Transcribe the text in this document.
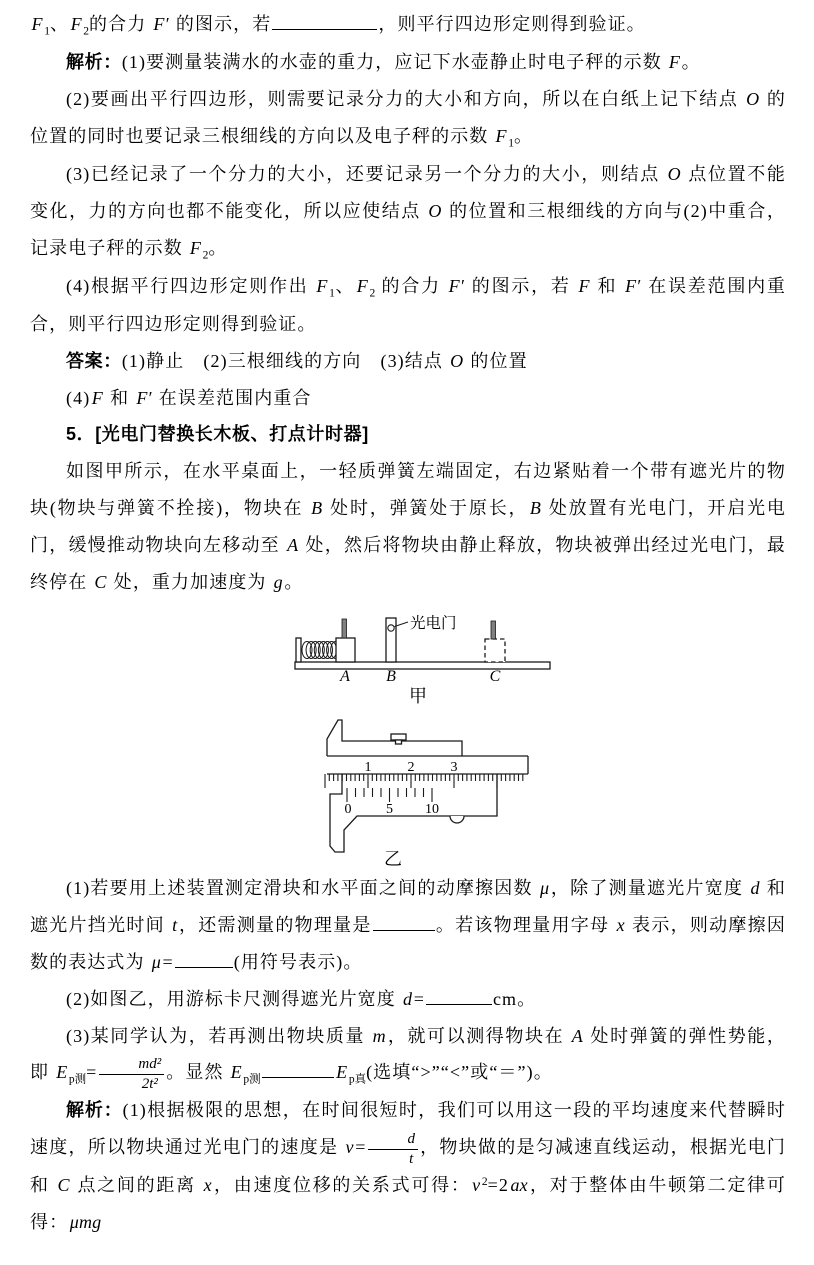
F $_1$、F $_2$的合力 F′ 的图示，若	，则平行四边形定则得到验证。

解析：(1)要测量装满水的水壶的重力，应记下水壶静止时电子秤的示数 F。

(2)要画出平行四边形，则需要记录分力的大小和方向，所以在白纸上记下结点 O 的位置的同时也要记录三根细线的方向以及电子秤的示数 F $_1$。

(3)已经记录了一个分力的大小，还要记录另一个分力的大小，则结点 O 点位置不能变化，力的方向也都不能变化，所以应使结点 O 的位置和三根细线的方向与(2)中重合，记录电子秤的示数 F $_2$。

(4)根据平行四边形定则作出 F $_1$、F $_2$ 的合力 F′ 的图示，若 F 和 F′ 在误差范围内重合，则平行四边形定则得到验证。

答案：(1)静止　(2)三根细线的方向　(3)结点 O 的位置

(4)F 和 F′ 在误差范围内重合

5．[光电门替换长木板、打点计时器]

如图甲所示，在水平桌面上，一轻质弹簧左端固定，右边紧贴着一个带有遮光片的物块(物块与弹簧不拴接)，物块在 B 处时，弹簧处于原长，B 处放置有光电门，开启光电门，缓慢推动物块向左移动至 A 处，然后将物块由静止释放，物块被弹出经过光电门，最终停在 C 处，重力加速度为 g。

光电门
A B	C
甲
1	2	3
0 5 10
乙

(1)若要用上述装置测定滑块和水平面之间的动摩擦因数 μ，除了测量遮光片宽度 d 和遮光片挡光时间 t，还需测量的物理量是	。若该物理量用字母 x 表示，则动摩擦因数的表达式为 μ=	(用符号表示)。

(2)如图乙，用游标卡尺测得遮光片宽度 d=	cm。

(3)某同学认为，若再测出物块质量 m，就可以测得物块在 A 处时弹簧的弹性势能，即 E $_{p测}= \frac{\text{md²}}{\text{2t²}}$ 。显然 E $_{p测}$	E $_{p真}$(选填“>”“<”或“＝”)。

解析：(1)根据极限的思想，在时间很短时，我们可以用这一段的平均速度来代替瞬时速度，所以物块通过光电门的速度是 $v= \frac{d}{t}$ ，物块做的是匀减速直线运动，根据光电门和 C 点之间的距离 x，由速度位移的关系式可得：v $^2$=2ax，对于整体由牛顿第二定律可得：μmg
